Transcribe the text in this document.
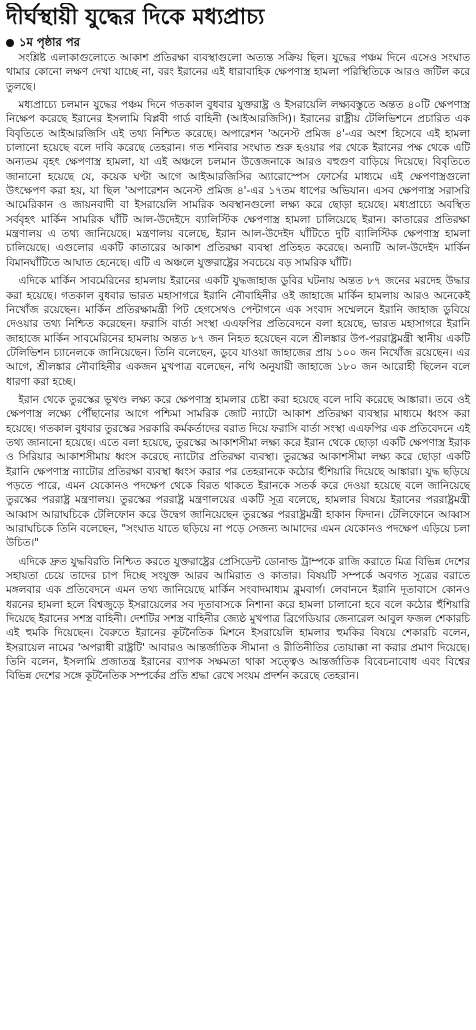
দীর্ঘস্থায়ী যুদ্ধের দিকে মধ্যপ্রাচ্য
১ম পৃষ্ঠার পর

সংশ্লিষ্ট এলাকাগুলোতে আকাশ প্রতিরক্ষা ব্যবস্থাগুলো অত্যন্ত সক্রিয় ছিল। যুদ্ধের পঞ্চম দিনে এসেও সংঘাত থামার কোনো লক্ষণ দেখা যাচ্ছে না, বরং ইরানের এই ধারাবাহিক ক্ষেপণাস্ত্র হামলা পরিস্থিতিকে আরও জটিল করে তুলছে।

মধ্যপ্রাচ্যে চলমান যুদ্ধের পঞ্চম দিনে গতকাল বুধবার যুক্তরাষ্ট্র ও ইসরায়েলি লক্ষ্যবস্তুতে অন্তত ৪০টি ক্ষেপণাস্ত্র নিক্ষেপ করেছে ইরানের ইসলামি বিপ্লবী গার্ড বাহিনী (আইআরজিসি)। ইরানের রাষ্ট্রীয় টেলিভিশনে প্রচারিত এক বিবৃতিতে আইআরজিসি এই তথ্য নিশ্চিত করেছে। অপারেশন 'অনেস্ট প্রমিজ ৪'-এর অংশ হিসেবে এই হামলা চালানো হয়েছে বলে দাবি করেছে তেহরান। গত শনিবার সংঘাত শুরু হওয়ার পর থেকে ইরানের পক্ষ থেকে এটি অন্যতম বৃহৎ ক্ষেপণাস্ত্র হামলা, যা এই অঞ্চলে চলমান উত্তেজনাকে আরও বহুগুণ বাড়িয়ে দিয়েছে। বিবৃতিতে জানানো হয়েছে যে, কয়েক ঘণ্টা আগে আইআরজিসির অ্যারোস্পেস ফোর্সের মাধ্যমে এই ক্ষেপণাস্ত্রগুলো উৎক্ষেপণ করা হয়, যা ছিল 'অপারেশন অনেস্ট প্রমিজ ৪'-এর ১৭তম ধাপের অভিযান। এসব ক্ষেপণাস্ত্র সরাসরি আমেরিকান ও জায়নবাদী বা ইসরায়েলি সামরিক অবস্থানগুলো লক্ষ্য করে ছোড়া হয়েছে। মধ্যপ্রাচ্যে অবস্থিত সর্ববৃহৎ মার্কিন সামরিক ঘাঁটি আল-উদেইদে ব্যালিস্টিক ক্ষেপণাস্ত্র হামলা চালিয়েছে ইরান। কাতারের প্রতিরক্ষা মন্ত্রণালয় এ তথ্য জানিয়েছে। মন্ত্রণালয় বলেছে, ইরান আল-উদেইদ ঘাঁটিতে দুটি ব্যালিস্টিক ক্ষেপণাস্ত্র হামলা চালিয়েছে। এগুলোর একটি কাতারের আকাশ প্রতিরক্ষা ব্যবস্থা প্রতিহত করেছে। অন্যটি আল-উদেইদ মার্কিন বিমানঘাঁটিতে আঘাত হেনেছে। এটি এ অঞ্চলে যুক্তরাষ্ট্রের সবচেয়ে বড় সামরিক ঘাঁটি।

এদিকে মার্কিন সাবমেরিনের হামলায় ইরানের একটি যুদ্ধজাহাজ ডুবির ঘটনায় অন্তত ৮৭ জনের মরদেহ উদ্ধার করা হয়েছে। গতকাল বুধবার ভারত মহাসাগরে ইরানি নৌবাহিনীর ওই জাহাজে মার্কিন হামলায় আরও অনেকেই নিখোঁজ রয়েছেন। মার্কিন প্রতিরক্ষামন্ত্রী পিট হেগসেথও পেন্টাগনে এক সংবাদ সম্মেলনে ইরানি জাহাজ ডুবিয়ে দেওয়ার তথ্য নিশ্চিত করেছেন। ফরাসি বার্তা সংস্থা এএফপির প্রতিবেদনে বলা হয়েছে, ভারত মহাসাগরে ইরানি জাহাজে মার্কিন সাবমেরিনের হামলায় অন্তত ৮৭ জন নিহত হয়েছেন বলে শ্রীলঙ্কার উপ-পররাষ্ট্রমন্ত্রী স্থানীয় একটি টেলিভিশন চ্যানেলকে জানিয়েছেন। তিনি বলেছেন, ডুবে যাওয়া জাহাজের প্রায় ১০০ জন নিখোঁজ রয়েছেন। এর আগে, শ্রীলঙ্কার নৌবাহিনীর একজন মুখপাত্র বলেছেন, নথি অনুযায়ী জাহাজে ১৮০ জন আরোহী ছিলেন বলে ধারণা করা হচ্ছে।

ইরান থেকে তুরস্কের ভূখণ্ড লক্ষ্য করে ক্ষেপণাস্ত্র হামলার চেষ্টা করা হয়েছে বলে দাবি করেছে আঙ্কারা। তবে ওই ক্ষেপণাস্ত্র লক্ষ্যে পৌঁছানোর আগে পশ্চিমা সামরিক জোট ন্যাটো আকাশ প্রতিরক্ষা ব্যবস্থার মাধ্যমে ধ্বংস করা হয়েছে। গতকাল বুধবার তুরস্কের সরকারি কর্মকর্তাদের বরাত দিয়ে ফরাসি বার্তা সংস্থা এএফপির এক প্রতিবেদনে এই তথ্য জানানো হয়েছে। এতে বলা হয়েছে, তুরস্কের আকাশসীমা লক্ষ্য করে ইরান থেকে ছোড়া একটি ক্ষেপণাস্ত্র ইরাক ও সিরিয়ার আকাশসীমায় ধ্বংস করেছে ন্যাটোর প্রতিরক্ষা ব্যবস্থা। তুরস্কের আকাশসীমা লক্ষ্য করে ছোড়া একটি ইরানি ক্ষেপণাস্ত্র ন্যাটোর প্রতিরক্ষা ব্যবস্থা ধ্বংস করার পর তেহরানকে কঠোর হুঁশিয়ারি দিয়েছে আঙ্কারা। যুদ্ধ ছড়িয়ে পড়তে পারে, এমন যেকোনও পদক্ষেপ থেকে বিরত থাকতে ইরানকে সতর্ক করে দেওয়া হয়েছে বলে জানিয়েছে তুরস্কের পররাষ্ট্র মন্ত্রণালয়। তুরস্কের পররাষ্ট্র মন্ত্রণালয়ের একটি সূত্র বলেছে, হামলার বিষয়ে ইরানের পররাষ্ট্রমন্ত্রী আব্বাস আরাঘচিকে টেলিফোন করে উদ্বেগ জানিয়েছেন তুরস্কের পররাষ্ট্রমন্ত্রী হাকান ফিদান। টেলিফোনে আব্বাস আরাঘচিকে তিনি বলেছেন, "সংঘাত যাতে ছড়িয়ে না পড়ে সেজন্য আমাদের এমন যেকোনও পদক্ষেপ এড়িয়ে চলা উচিত।"

এদিকে দ্রুত যুদ্ধবিরতি নিশ্চিত করতে যুক্তরাষ্ট্রের প্রেসিডেন্ট ডোনাল্ড ট্রাম্পকে রাজি করাতে মিত্র বিভিন্ন দেশের সহায়তা চেয়ে তাদের চাপ দিচ্ছে সংযুক্ত আরব আমিরাত ও কাতার। বিষয়টি সম্পর্কে অবগত সূত্রের বরাতে মঙ্গলবার এক প্রতিবেদনে এমন তথ্য জানিয়েছে মার্কিন সংবাদমাধ্যম ব্লুমবার্গ। লেবাননে ইরানি দূতাবাসে কোনও ধরনের হামলা হলে বিশ্বজুড়ে ইসরায়েলের সব দূতাবাসকে নিশানা করে হামলা চালানো হবে বলে কঠোর হুঁশিয়ারি দিয়েছে ইরানের সশস্ত্র বাহিনী। দেশটির সশস্ত্র বাহিনীর জ্যেষ্ঠ মুখপাত্র ব্রিগেডিয়ার জেনারেল আবুল ফজল শেকারচি এই হুমকি দিয়েছেন। বৈরুতে ইরানের কূটনৈতিক মিশনে ইসরায়েলি হামলার হুমকির বিষয়ে শেকারচি বলেন, ইসরায়েল নামের 'অপরাধী রাষ্ট্রটি' আবারও আন্তর্জাতিক সীমানা ও রীতিনীতির তোয়াক্কা না করার প্রমাণ দিয়েছে। তিনি বলেন, ইসলামি প্রজাতন্ত্র ইরানের ব্যাপক সক্ষমতা থাকা সত্ত্বেও আন্তর্জাতিক বিবেচনাবোধ এবং বিশ্বের বিভিন্ন দেশের সঙ্গে কূটনৈতিক সম্পর্কের প্রতি শ্রদ্ধা রেখে সংযম প্রদর্শন করেছে তেহরান।
